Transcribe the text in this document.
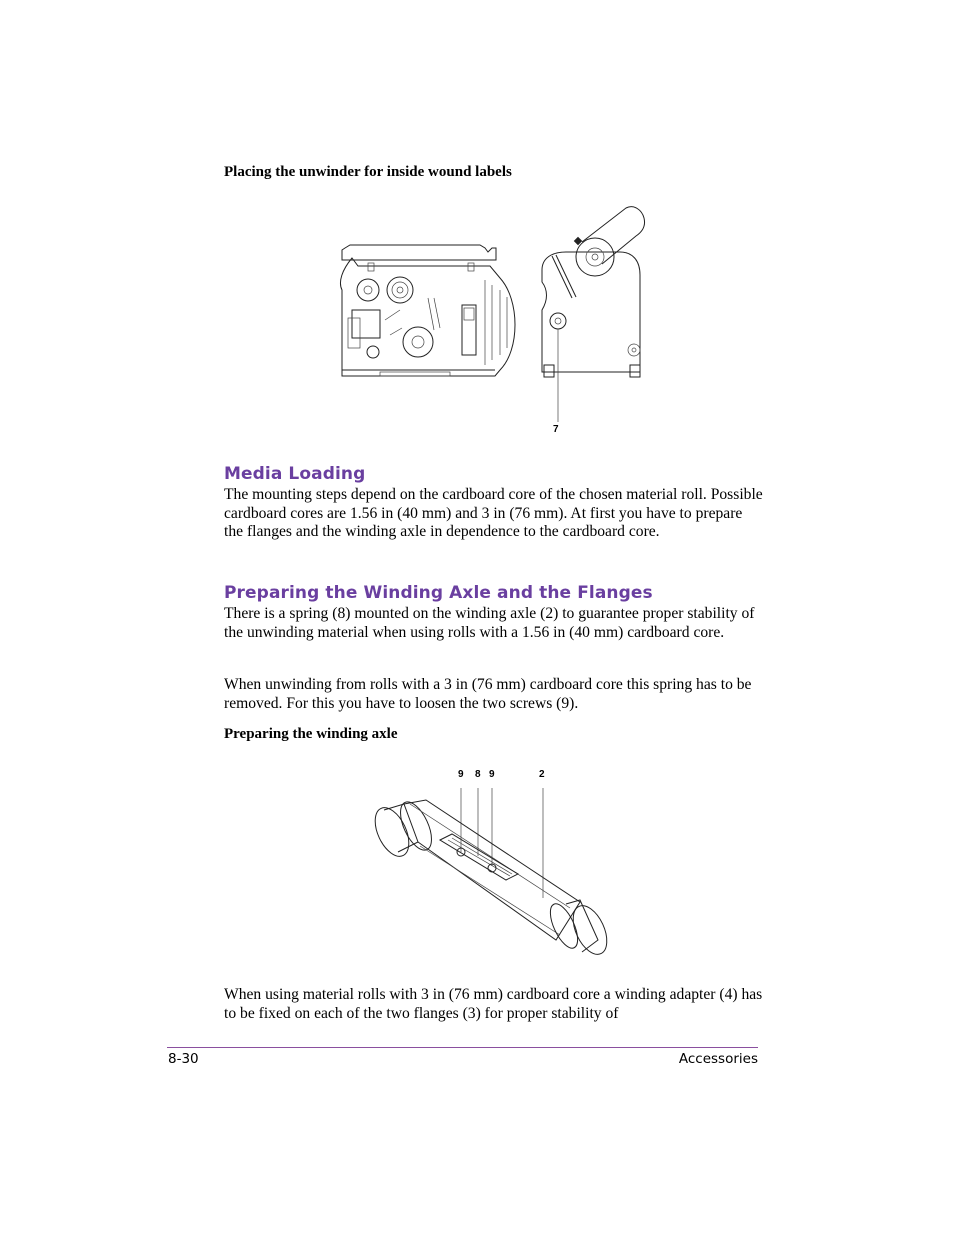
Placing the unwinder for inside wound labels
7
Media Loading
The mounting steps depend on the cardboard core of the chosen material roll. Possible cardboard cores are 1.56 in (40 mm) and 3 in (76 mm). At first you have to prepare the flanges and the winding axle in dependence to the cardboard core.
Preparing the Winding Axle and the Flanges
There is a spring (8) mounted on the winding axle (2) to guarantee proper stability of the unwinding material when using rolls with a 1.56 in (40 mm) cardboard core.
When unwinding from rolls with a 3 in (76 mm) cardboard core this spring has to be removed. For this you have to loosen the two screws (9).
Preparing the winding axle
9 8 9	2
When using material rolls with 3 in (76 mm) cardboard core a winding adapter (4) has to be fixed on each of the two flanges (3) for proper stability of
8-30	Accessories
